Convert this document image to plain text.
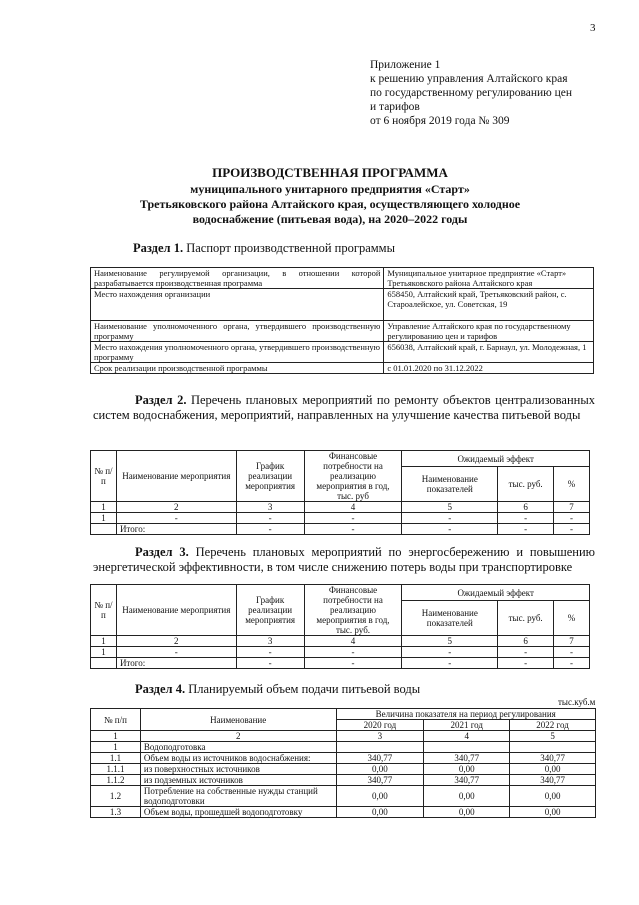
3
Приложение 1
к решению управления Алтайского края
по государственному регулированию цен
и тарифов
от 6 ноября 2019 года № 309
ПРОИЗВОДСТВЕННАЯ ПРОГРАММА
муниципального унитарного предприятия «Старт»
Третьяковского района Алтайского края, осуществляющего холодное
водоснабжение (питьевая вода), на 2020–2022 годы
Раздел 1. Паспорт производственной программы
Наименование регулируемой организации, в отношении которой разрабатывается производственная программа	Муниципальное унитарное предприятие «Старт» Третьяковского района Алтайского края
Место нахождения организации	658450, Алтайский край, Третьяковский район, с. Староалейское, ул. Советская, 19
Наименование уполномоченного органа, утвердившего производственную программу	Управление Алтайского края по государственному регулированию цен и тарифов
Место нахождения уполномоченного органа, утвердившего производственную программу	656038, Алтайский край, г. Барнаул, ул. Молодежная, 1
Срок реализации производственной программы	с 01.01.2020 по 31.12.2022
Раздел 2. Перечень плановых мероприятий по ремонту объектов централизованных систем водоснабжения, мероприятий, направленных на улучшение качества питьевой воды
№ п/п	Наименование мероприятия	График реализации мероприятия	Финансовые потребности на реализацию мероприятия в год, тыс. руб	Ожидаемый эффект		
				Наименование показателей	тыс. руб.	%
1	2	3	4	5	6	7
1	-	-	-	-	-	-
	Итого:	-	-	-	-	-
Раздел 3. Перечень плановых мероприятий по энергосбережению и повышению энергетической эффективности, в том числе снижению потерь воды при транспортировке
№ п/п	Наименование мероприятия	График реализации мероприятия	Финансовые потребности на реализацию мероприятия в год, тыс. руб.	Ожидаемый эффект		
				Наименование показателей	тыс. руб.	%
1	2	3	4	5	6	7
1	-	-	-	-	-	-
	Итого:	-	-	-	-	-
Раздел 4. Планируемый объем подачи питьевой воды
тыс.куб.м
№ п/п	Наименование	Величина показателя на период регулирования		
		2020 год	2021 год	2022 год
1	2	3	4	5
1	Водоподготовка			
1.1	Объем воды из источников водоснабжения:	340,77	340,77	340,77
1.1.1	из поверхностных источников	0,00	0,00	0,00
1.1.2	из подземных источников	340,77	340,77	340,77
1.2	Потребление на собственные нужды станций водоподготовки	0,00	0,00	0,00
1.3	Объем воды, прошедшей водоподготовку	0,00	0,00	0,00
